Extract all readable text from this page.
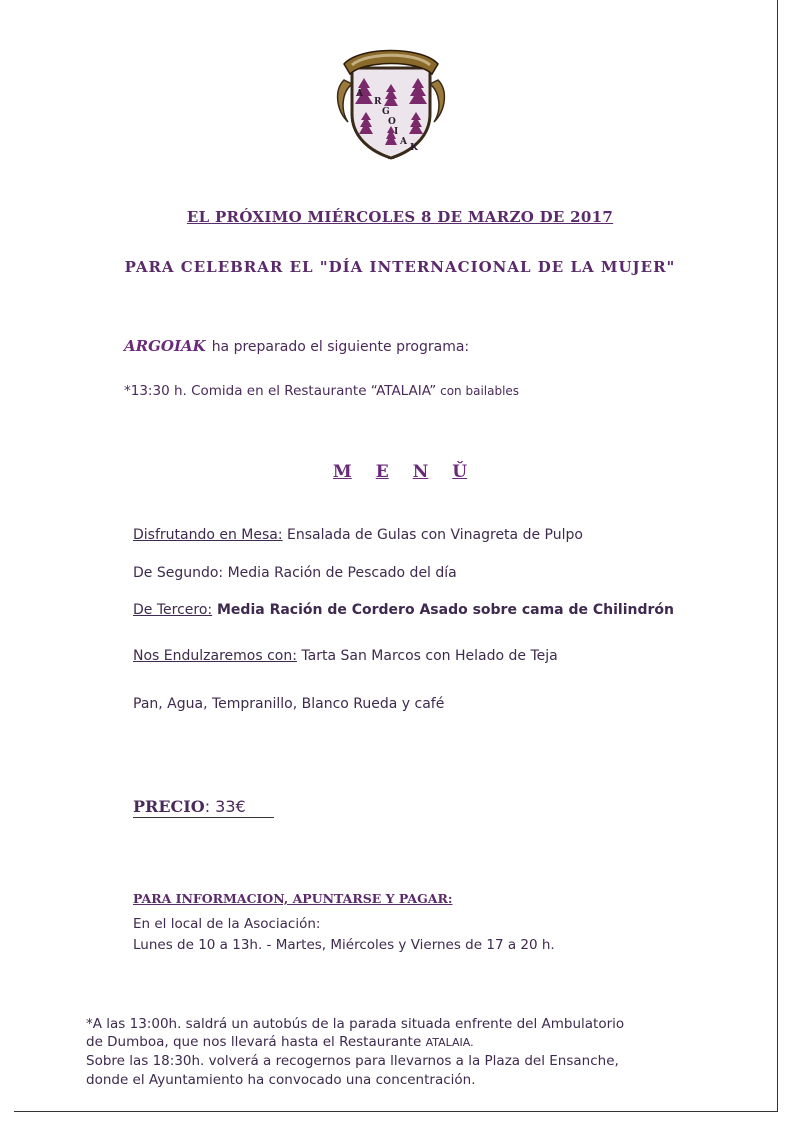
A
R
G
O
I
A
K
EL PRÓXIMO MIÉRCOLES 8 DE MARZO DE 2017
PARA CELEBRAR EL "DÍA INTERNACIONAL DE LA MUJER"
ARGOIAK ha preparado el siguiente programa:
*13:30 h. Comida en el Restaurante “ATALAIA” con bailables
M E N Ǔ
Disfrutando en Mesa: Ensalada de Gulas con Vinagreta de Pulpo
De Segundo: Media Ración de Pescado del día
De Tercero: Media Ración de Cordero Asado sobre cama de Chilindrón
Nos Endulzaremos con: Tarta San Marcos con Helado de Teja
Pan, Agua, Tempranillo, Blanco Rueda y café
PRECIO: 33€
PARA INFORMACION, APUNTARSE Y PAGAR:
En el local de la Asociación:
Lunes de 10 a 13h. - Martes, Miércoles y Viernes de 17 a 20 h.
*A las 13:00h. saldrá un autobús de la parada situada enfrente del Ambulatorio
de Dumboa, que nos llevará hasta el Restaurante ATALAIA.
Sobre las 18:30h. volverá a recogernos para llevarnos a la Plaza del Ensanche,
donde el Ayuntamiento ha convocado una concentración.
